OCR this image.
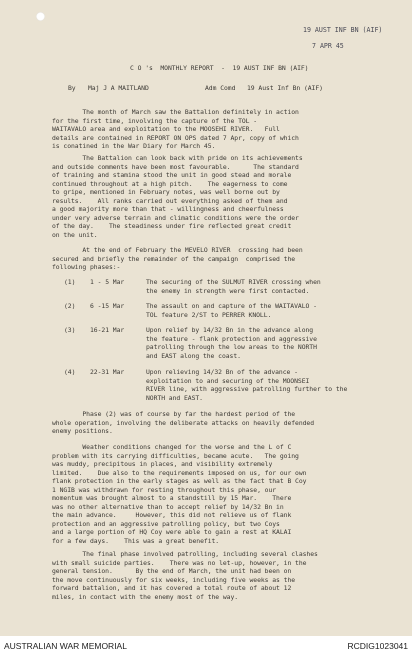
19 AUST INF BN (AIF)
7 APR 45
C O 's  MONTHLY REPORT  -  19 AUST INF BN (AIF)
By Maj J A MAITLAND	Adm Comd 19 Aust Inf Bn (AIF)
The month of March saw the Battalion definitely in action
for the first time, involving the capture of the TOL -
WAITAVALO area and exploitation to the MOOSEHI RIVER.   Full
details are contained in REPORT ON OPS dated 7 Apr, copy of which
is conatined in the War Diary for March 45.
The Battalion can look back with pride on its achievements
and outside comments have been most favourable.      The standard
of training and stamina stood the unit in good stead and morale
continued throughout at a high pitch.    The eagerness to come
to gripe, mentioned in February notes, was well borne out by
results.    All ranks carried out everything asked of them and
a good majority more than that - willingness and cheerfulness
under very adverse terrain and climatic conditions were the order
of the day.    The steadiness under fire reflected great credit
on the unit.
At the end of February the MEVELO RIVER  crossing had been
secured and briefly the remainder of the campaign  comprised the
following phases:-
(1) 1 - 5 Mar	The securing of the SULMUT RIVER crossing when
the enemy in strength were first contacted.
(2) 6 -15 Mar	The assault on and capture of the WAITAVALO -
TOL feature 2/ST to PERRER KNOLL.
(3) 16-21 Mar	Upon relief by 14/32 Bn in the advance along
the feature - flank protection and aggressive
patrolling through the low areas to the NORTH
and EAST along the coast.
(4) 22-31 Mar	Upon relieving 14/32 Bn of the advance -
exploitation to and securing of the MOONSEI
RIVER line, with aggressive patrolling further to the
NORTH and EAST.
Phase (2) was of course by far the hardest period of the
whole operation, involving the deliberate attacks on heavily defended
enemy positions.
Weather conditions changed for the worse and the L of C
problem with its carrying difficulties, became acute.   The going
was muddy, precipitous in places, and visibility extremely
limited.    Due also to the requirements imposed on us, for our own
flank protection in the early stages as well as the fact that B Coy
1 NGIB was withdrawn for resting throughout this phase, our
momentum was brought almost to a standstill by 15 Mar.    There
was no other alternative than to accept relief by 14/32 Bn in
the main advance.     However, this did not relieve us of flank
protection and an aggressive patrolling policy, but two Coys
and a large portion of HQ Coy were able to gain a rest at KALAI
for a few days.    This was a great benefit.
The final phase involved patrolling, including several clashes
with small suicide parties.    There was no let-up, however, in the
general tension.      By the end of March, the unit had been on
the move continuously for six weeks, including five weeks as the
forward battalion, and it has covered a total route of about 12
miles, in contact with the enemy most of the way.
AUSTRALIAN WAR MEMORIAL	RCDIG1023041
